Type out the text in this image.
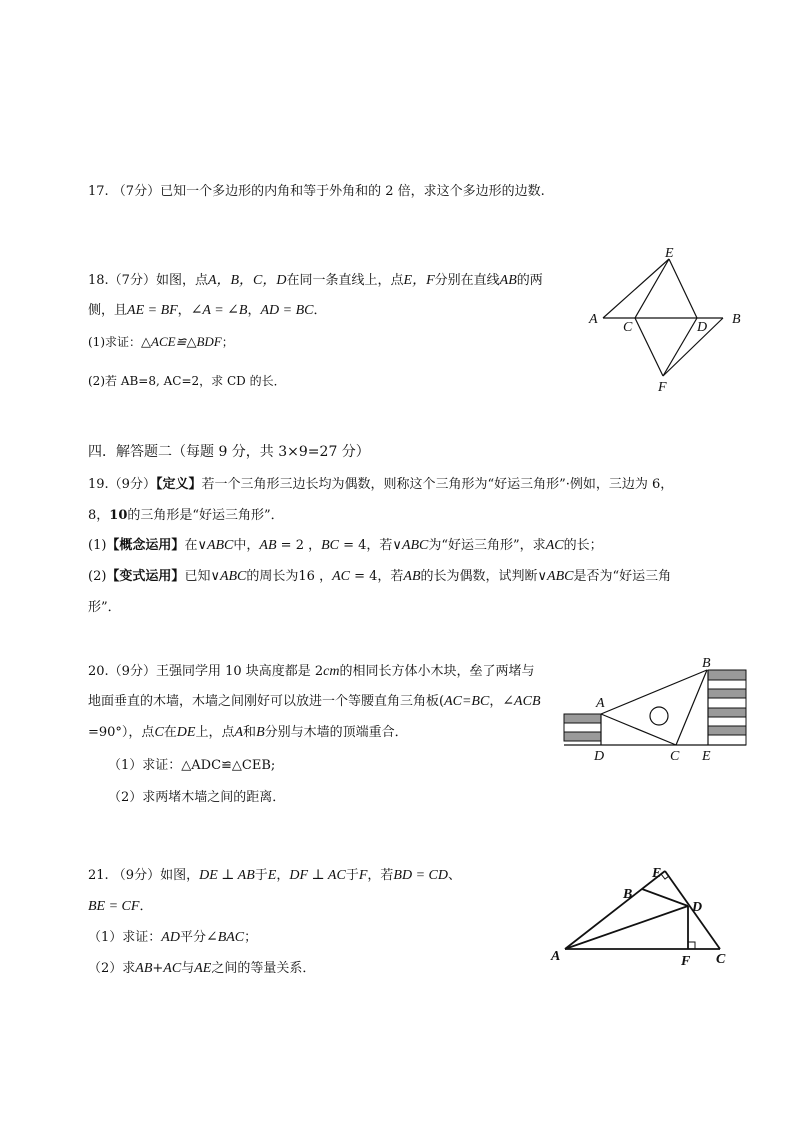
17. （7分）已知一个多边形的内角和等于外角和的 2 倍，求这个多边形的边数.
18.（7分）如图，点A，B，C，D在同一条直线上，点E，F分别在直线AB的两
侧，且AE = BF，∠A = ∠B，AD = BC．
(1)求证：△ACE≌△BDF；
(2)若 AB=8, AC=2，求 CD 的长．
E
A
C	D
B
F
四．解答题二（每题 9 分，共 3×9=27 分）
19.（9分）【定义】若一个三角形三边长均为偶数，则称这个三角形为“好运三角形”·例如，三边为 6，
8，10的三角形是“好运三角形”．
(1)【概念运用】在∨ABC中，AB = 2 ，BC = 4，若∨ABC为“好运三角形”，求AC的长；
(2)【变式运用】已知∨ABC的周长为16 ，AC = 4，若AB的长为偶数，试判断∨ABC是否为“好运三角
形”．
20.（9分）王强同学用 10 块高度都是 2cm的相同长方体小木块，垒了两堵与
地面垂直的木墙，木墙之间刚好可以放进一个等腰直角三角板(AC=BC，∠ACB
=90°），点C在DE上，点A和B分别与木墙的顶端重合．
（1）求证：△ADC≌△CEB;
（2）求两堵木墙之间的距离．
A
B
D	C E
21. （9分）如图，DE ⊥ AB于E，DF ⊥ AC于F，若BD = CD、
BE = CF．
（1）求证：AD平分∠BAC；
（2）求AB+AC与AE之间的等量关系．
E
B
D
A	F C
